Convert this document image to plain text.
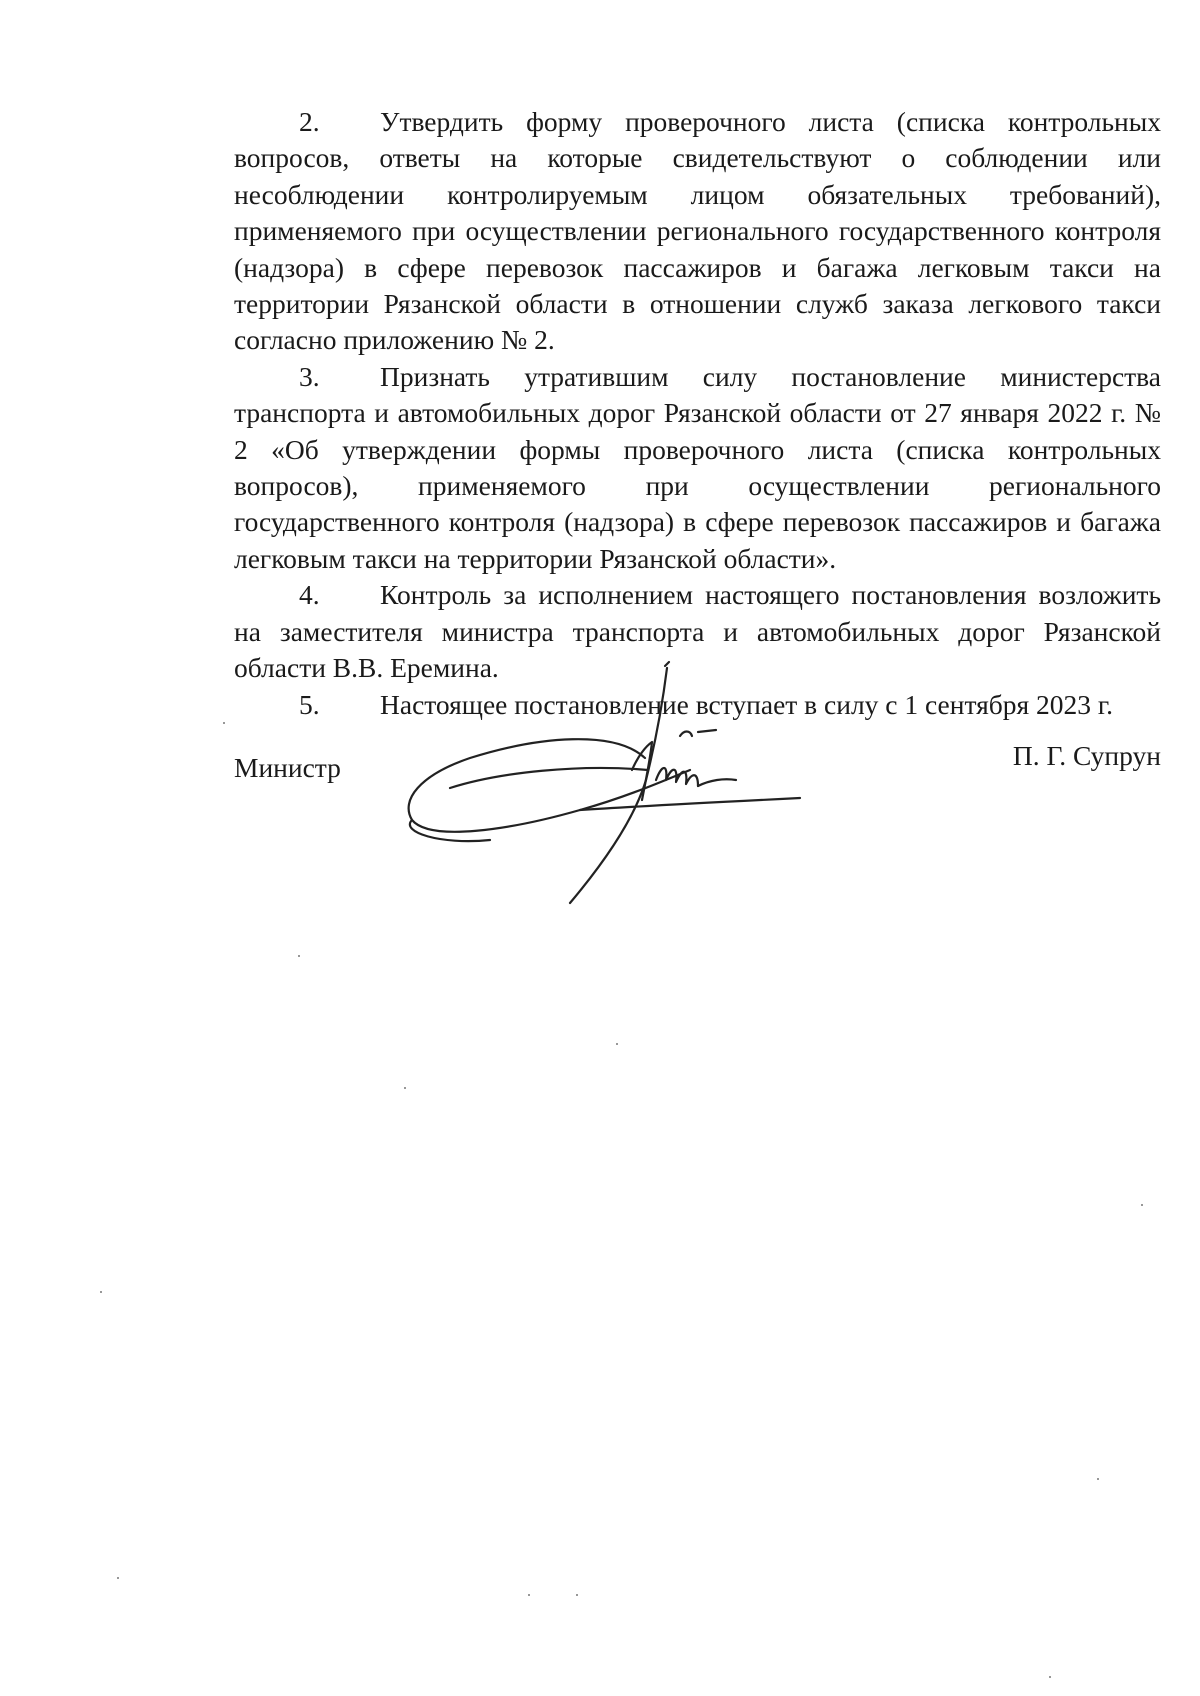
2. Утвердить форму проверочного листа (списка контрольных вопросов, ответы на которые свидетельствуют о соблюдении или несоблюдении контролируемым лицом обязательных требований), применяемого при осуществлении регионального государственного контроля (надзора) в сфере перевозок пассажиров и багажа легковым такси на территории Рязанской области в отношении служб заказа легкового такси согласно приложению № 2.

3. Признать утратившим силу постановление министерства транспорта и автомобильных дорог Рязанской области от 27 января 2022 г. № 2 «Об утверждении формы проверочного листа (списка контрольных вопросов), применяемого при осуществлении регионального государственного контроля (надзора) в сфере перевозок пассажиров и багажа легковым такси на территории Рязанской области».

4. Контроль за исполнением настоящего постановления возложить на заместителя министра транспорта и автомобильных дорог Рязанской области В.В. Еремина.

5. Настоящее постановление вступает в силу с 1 сентября 2023 г.

Министр	П. Г. Супрун
